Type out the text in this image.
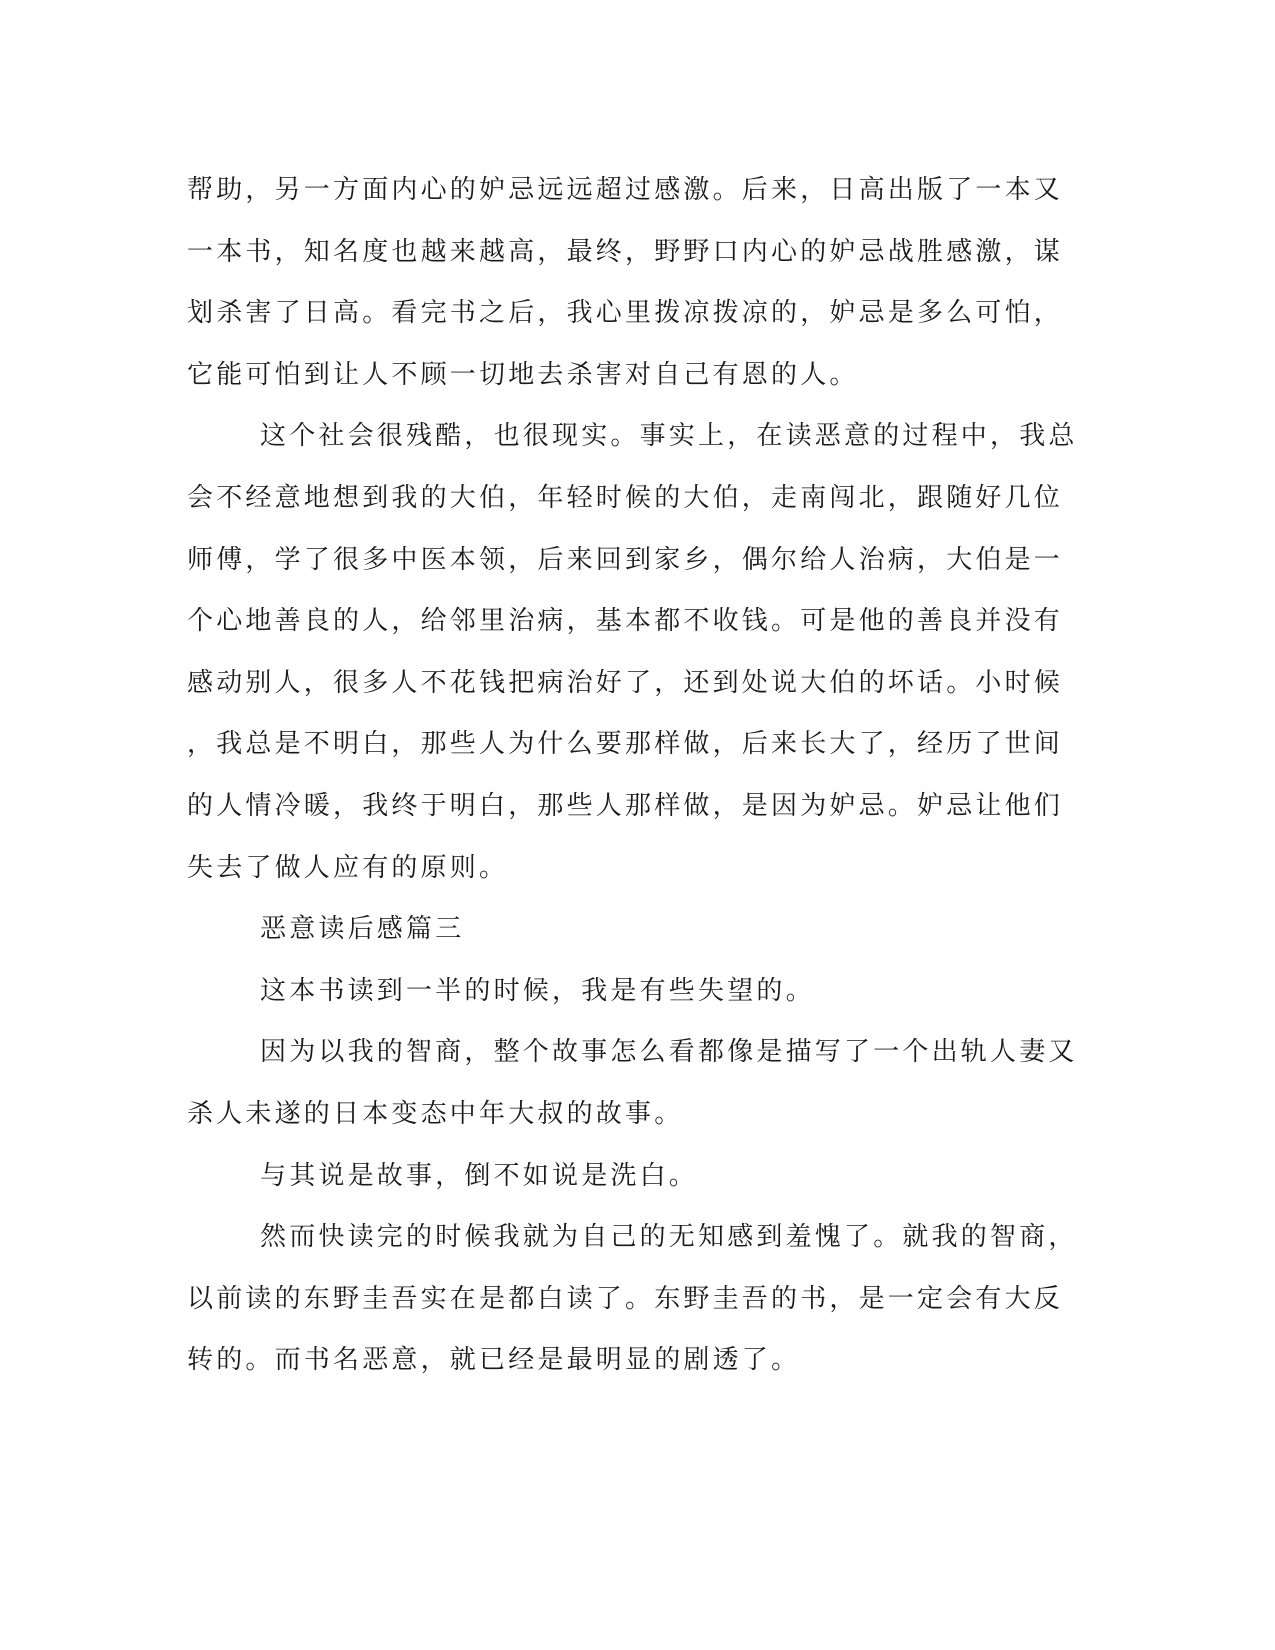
帮助，另一方面内心的妒忌远远超过感激。后来，日高出版了一本又
一本书，知名度也越来越高，最终，野野口内心的妒忌战胜感激，谋
划杀害了日高。看完书之后，我心里拨凉拨凉的，妒忌是多么可怕，
它能可怕到让人不顾一切地去杀害对自己有恩的人。
这个社会很残酷，也很现实。事实上，在读恶意的过程中，我总
会不经意地想到我的大伯，年轻时候的大伯，走南闯北，跟随好几位
师傅，学了很多中医本领，后来回到家乡，偶尔给人治病，大伯是一
个心地善良的人，给邻里治病，基本都不收钱。可是他的善良并没有
感动别人，很多人不花钱把病治好了，还到处说大伯的坏话。小时候
，我总是不明白，那些人为什么要那样做，后来长大了，经历了世间
的人情冷暖，我终于明白，那些人那样做，是因为妒忌。妒忌让他们
失去了做人应有的原则。
恶意读后感篇三
这本书读到一半的时候，我是有些失望的。
因为以我的智商，整个故事怎么看都像是描写了一个出轨人妻又
杀人未遂的日本变态中年大叔的故事。
与其说是故事，倒不如说是洗白。
然而快读完的时候我就为自己的无知感到羞愧了。就我的智商，
以前读的东野圭吾实在是都白读了。东野圭吾的书，是一定会有大反
转的。而书名恶意，就已经是最明显的剧透了。
